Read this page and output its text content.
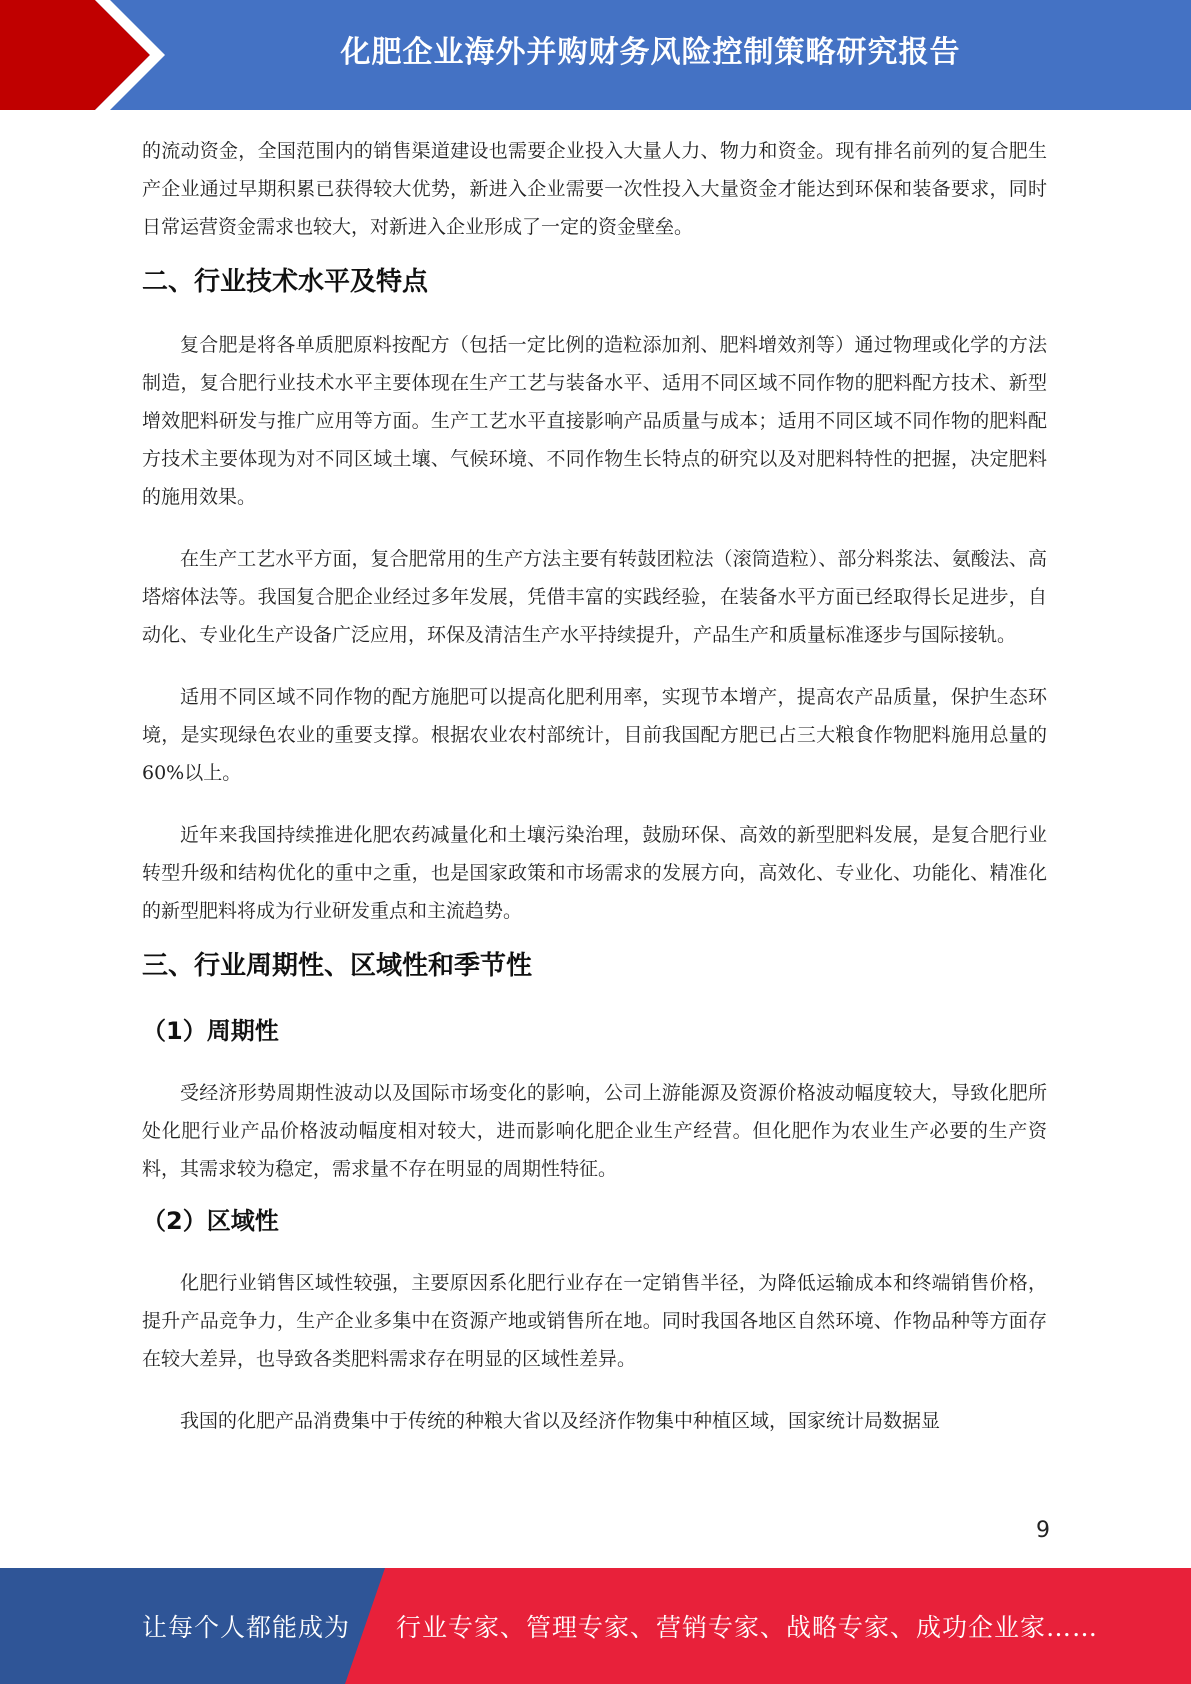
化肥企业海外并购财务风险控制策略研究报告

的流动资金，全国范围内的销售渠道建设也需要企业投入大量人力、物力和资金。现有排名前列的复合肥生产企业通过早期积累已获得较大优势，新进入企业需要一次性投入大量资金才能达到环保和装备要求，同时日常运营资金需求也较大，对新进入企业形成了一定的资金壁垒。

二、行业技术水平及特点

复合肥是将各单质肥原料按配方（包括一定比例的造粒添加剂、肥料增效剂等）通过物理或化学的方法制造，复合肥行业技术水平主要体现在生产工艺与装备水平、适用不同区域不同作物的肥料配方技术、新型增效肥料研发与推广应用等方面。生产工艺水平直接影响产品质量与成本；适用不同区域不同作物的肥料配方技术主要体现为对不同区域土壤、气候环境、不同作物生长特点的研究以及对肥料特性的把握，决定肥料的施用效果。

在生产工艺水平方面，复合肥常用的生产方法主要有转鼓团粒法（滚筒造粒）、部分料浆法、氨酸法、高塔熔体法等。我国复合肥企业经过多年发展，凭借丰富的实践经验，在装备水平方面已经取得长足进步，自动化、专业化生产设备广泛应用，环保及清洁生产水平持续提升，产品生产和质量标准逐步与国际接轨。

适用不同区域不同作物的配方施肥可以提高化肥利用率，实现节本增产，提高农产品质量，保护生态环境，是实现绿色农业的重要支撑。根据农业农村部统计，目前我国配方肥已占三大粮食作物肥料施用总量的 60%以上。

近年来我国持续推进化肥农药减量化和土壤污染治理，鼓励环保、高效的新型肥料发展，是复合肥行业转型升级和结构优化的重中之重，也是国家政策和市场需求的发展方向，高效化、专业化、功能化、精准化的新型肥料将成为行业研发重点和主流趋势。

三、行业周期性、区域性和季节性
（1）周期性

受经济形势周期性波动以及国际市场变化的影响，公司上游能源及资源价格波动幅度较大，导致化肥所处化肥行业产品价格波动幅度相对较大，进而影响化肥企业生产经营。但化肥作为农业生产必要的生产资料，其需求较为稳定，需求量不存在明显的周期性特征。

（2）区域性

化肥行业销售区域性较强，主要原因系化肥行业存在一定销售半径，为降低运输成本和终端销售价格，提升产品竞争力，生产企业多集中在资源产地或销售所在地。同时我国各地区自然环境、作物品种等方面存在较大差异，也导致各类肥料需求存在明显的区域性差异。

我国的化肥产品消费集中于传统的种粮大省以及经济作物集中种植区域，国家统计局数据显

9
让每个人都能成为 行业专家、管理专家、营销专家、战略专家、成功企业家……
